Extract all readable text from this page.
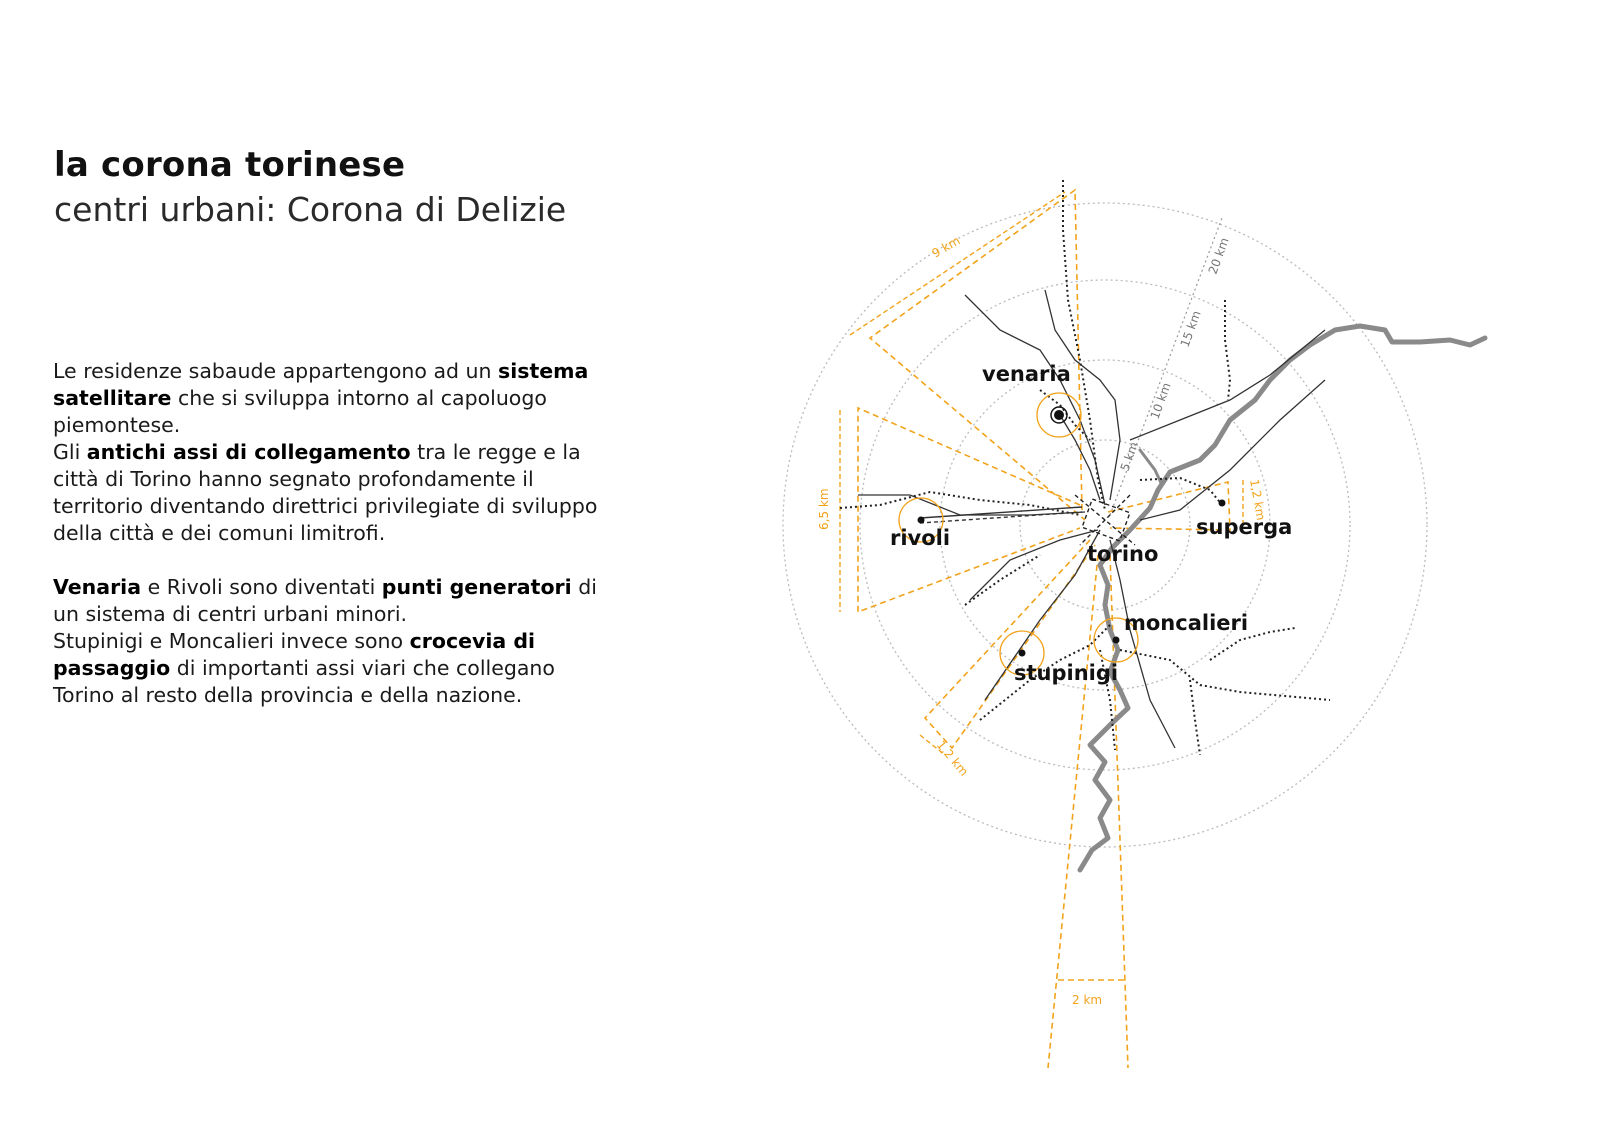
la corona torinese
centri urbani: Corona di Delizie

Le residenze sabaude appartengono ad un sistema satellitare che si sviluppa intorno al capoluogo piemontese.

Gli antichi assi di collegamento tra le regge e la città di Torino hanno segnato profondamente il territorio diventando direttrici privilegiate di sviluppo della città e dei comuni limitrofi.

Venaria e Rivoli sono diventati punti generatori di un sistema di centri urbani minori.

Stupinigi e Moncalieri invece sono crocevia di passaggio di importanti assi viari che collegano Torino al resto della provincia e della nazione.

5 km
10 km
15 km
20 km
9 km
6,5 km	1,2 km
1,2 km
2 km
venaria
rivoli
torino
superga
moncalieri
stupinigi
